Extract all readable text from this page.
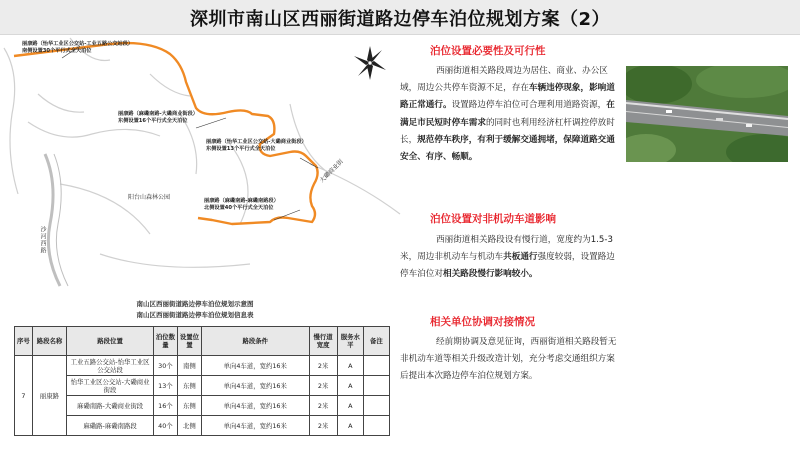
深圳市南山区西丽街道路边停车泊位规划方案（2）
丽康路（怡华工业区公交站-工业五路公交站段）
南侧设置30个平行式全天泊位
丽康路（麻磡南路-大磡商业街段）
东侧设置16个平行式全天泊位
丽康路（怡华工业区公交站-大磡商业街段）
东侧设置13个平行式全天泊位
丽康路（麻磡南路-麻磡南路段）
北侧设置40个平行式全天泊位
阳台山森林公园
大磡商业街
沙河西路
南山区西丽街道路边停车泊位规划示意图
南山区西丽街道路边停车泊位规划信息表
序号	路段名称	路段位置	泊位数量	设置位置	路段条件	慢行道宽度	服务水平	备注
7	丽康路	工业五路公交站-怡华工业区公交站段	30个	南侧	单向4车道，宽约16米	2米	A	
		怡华工业区公交站-大磡商业街段	13个	东侧	单向4车道，宽约16米	2米	A	
		麻磡南路-大磡商业街段	16个	东侧	单向4车道，宽约16米	2米	A	
		麻磡路-麻磡南路段	40个	北侧	单向4车道，宽约16米	2米	A	
泊位设置必要性及可行性

西丽街道相关路段周边为居住、商业、办公区域，周边公共停车资源不足，存在车辆违停现象，影响道路正常通行。设置路边停车泊位可合理利用道路资源，在满足市民短时停车需求的同时也利用经济杠杆调控停放时长，规范停车秩序，有利于缓解交通拥堵，保障道路交通安全、有序、畅顺。

泊位设置对非机动车道影响

西丽街道相关路段设有慢行道，宽度约为1.5-3米，周边非机动车与机动车共板通行强度较弱，设置路边停车泊位对相关路段慢行影响较小。

相关单位协调对接情况

经前期协调及意见征询，西丽街道相关路段暂无非机动车道等相关升级改造计划，充分考虑交通组织方案后提出本次路边停车泊位规划方案。
